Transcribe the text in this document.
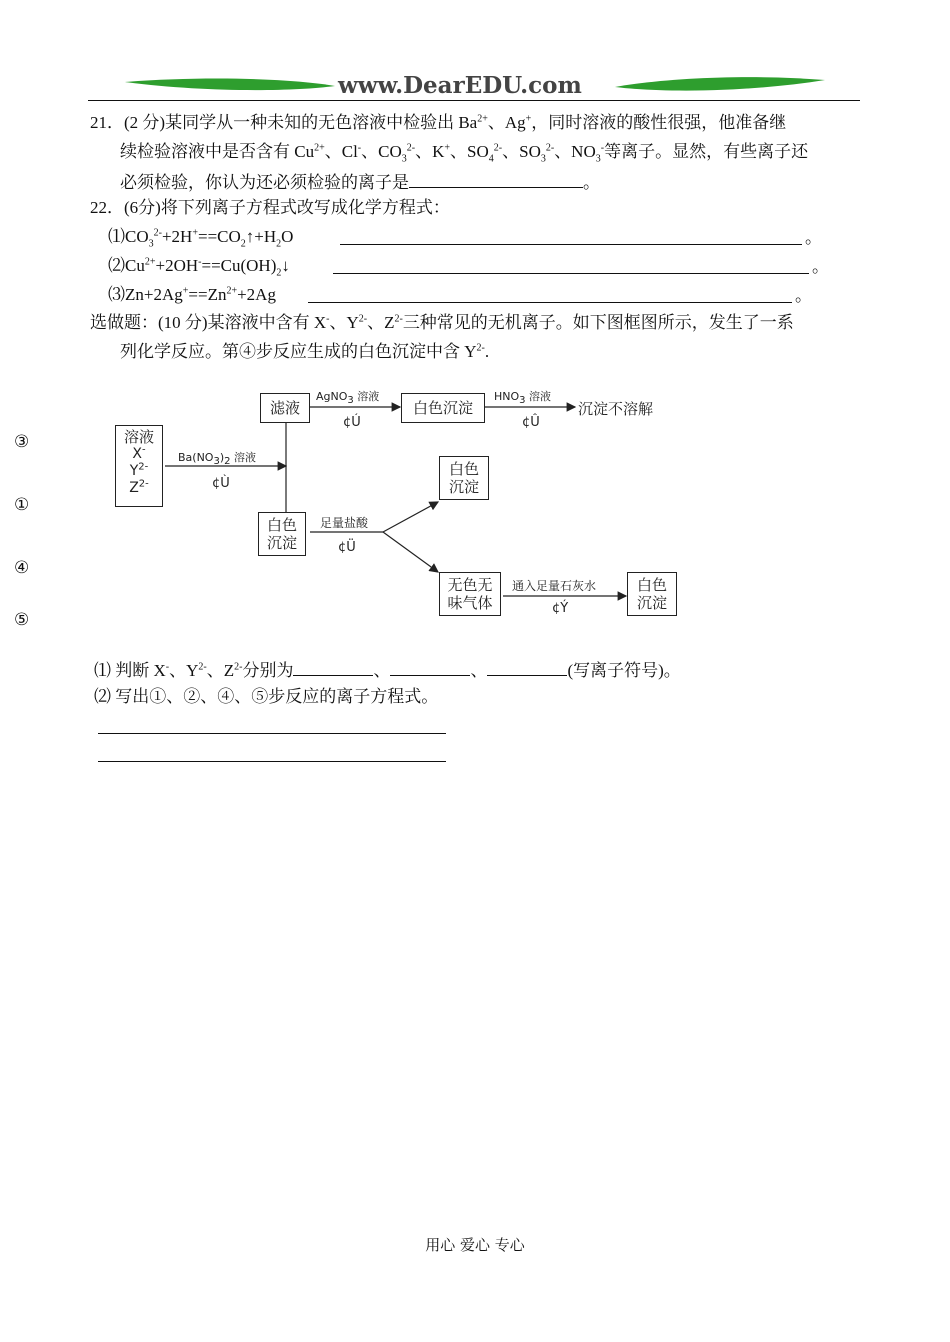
www.DearEDU.com
21．(2 分)某同学从一种未知的无色溶液中检验出 $Ba^{2+}$、Ag+，同时溶液的酸性很强，他准备继
续检验溶液中是否含有 $Cu^{2+}$、Cl-、$CO_3^{2-}$、K+、$SO_4^{2-}$、$SO_3^{2-}$、$NO_3^-$等离子。显然，有些离子还
必须检验，你认为还必须检验的离子是	。
22．(6分)将下列离子方程式改写成化学方程式：
$⑴CO_3^{2-}+2H^+==CO_2↑+H_2O$	。
$⑵Cu^{2+}+2OH^-==Cu(OH)_2↓$	。
$⑶Zn+2Ag^+==Zn^{2+}+2Ag$	。
选做题：(10 分)某溶液中含有 X-、$Y^{2-}$、$Z^{2-}$三种常见的无机离子。如下图框图所示，发生了一系
列化学反应。第④步反应生成的白色沉淀中含 $Y^{2-}$.
③
①
④
⑤
溶液
X-
$Y^{2-}$
$Z^{2-}$
滤液	白色沉淀	沉淀不溶解
白色沉淀
白色沉淀
无色无味气体
白色沉淀
$Ba(NO_3)_2$ 溶液
¢Ù
AgNO$_3$ 溶液
¢Ú
$HNO_3$ 溶液
¢Û
足量盐酸
¢Ü
通入足量石灰水
¢Ý
⑴ 判断 X-、$Y^{2-}$、$Z^{2-}$分别为	、	、	(写离子符号)。
⑵ 写出①、②、④、⑤步反应的离子方程式。
用心 爱心 专心
